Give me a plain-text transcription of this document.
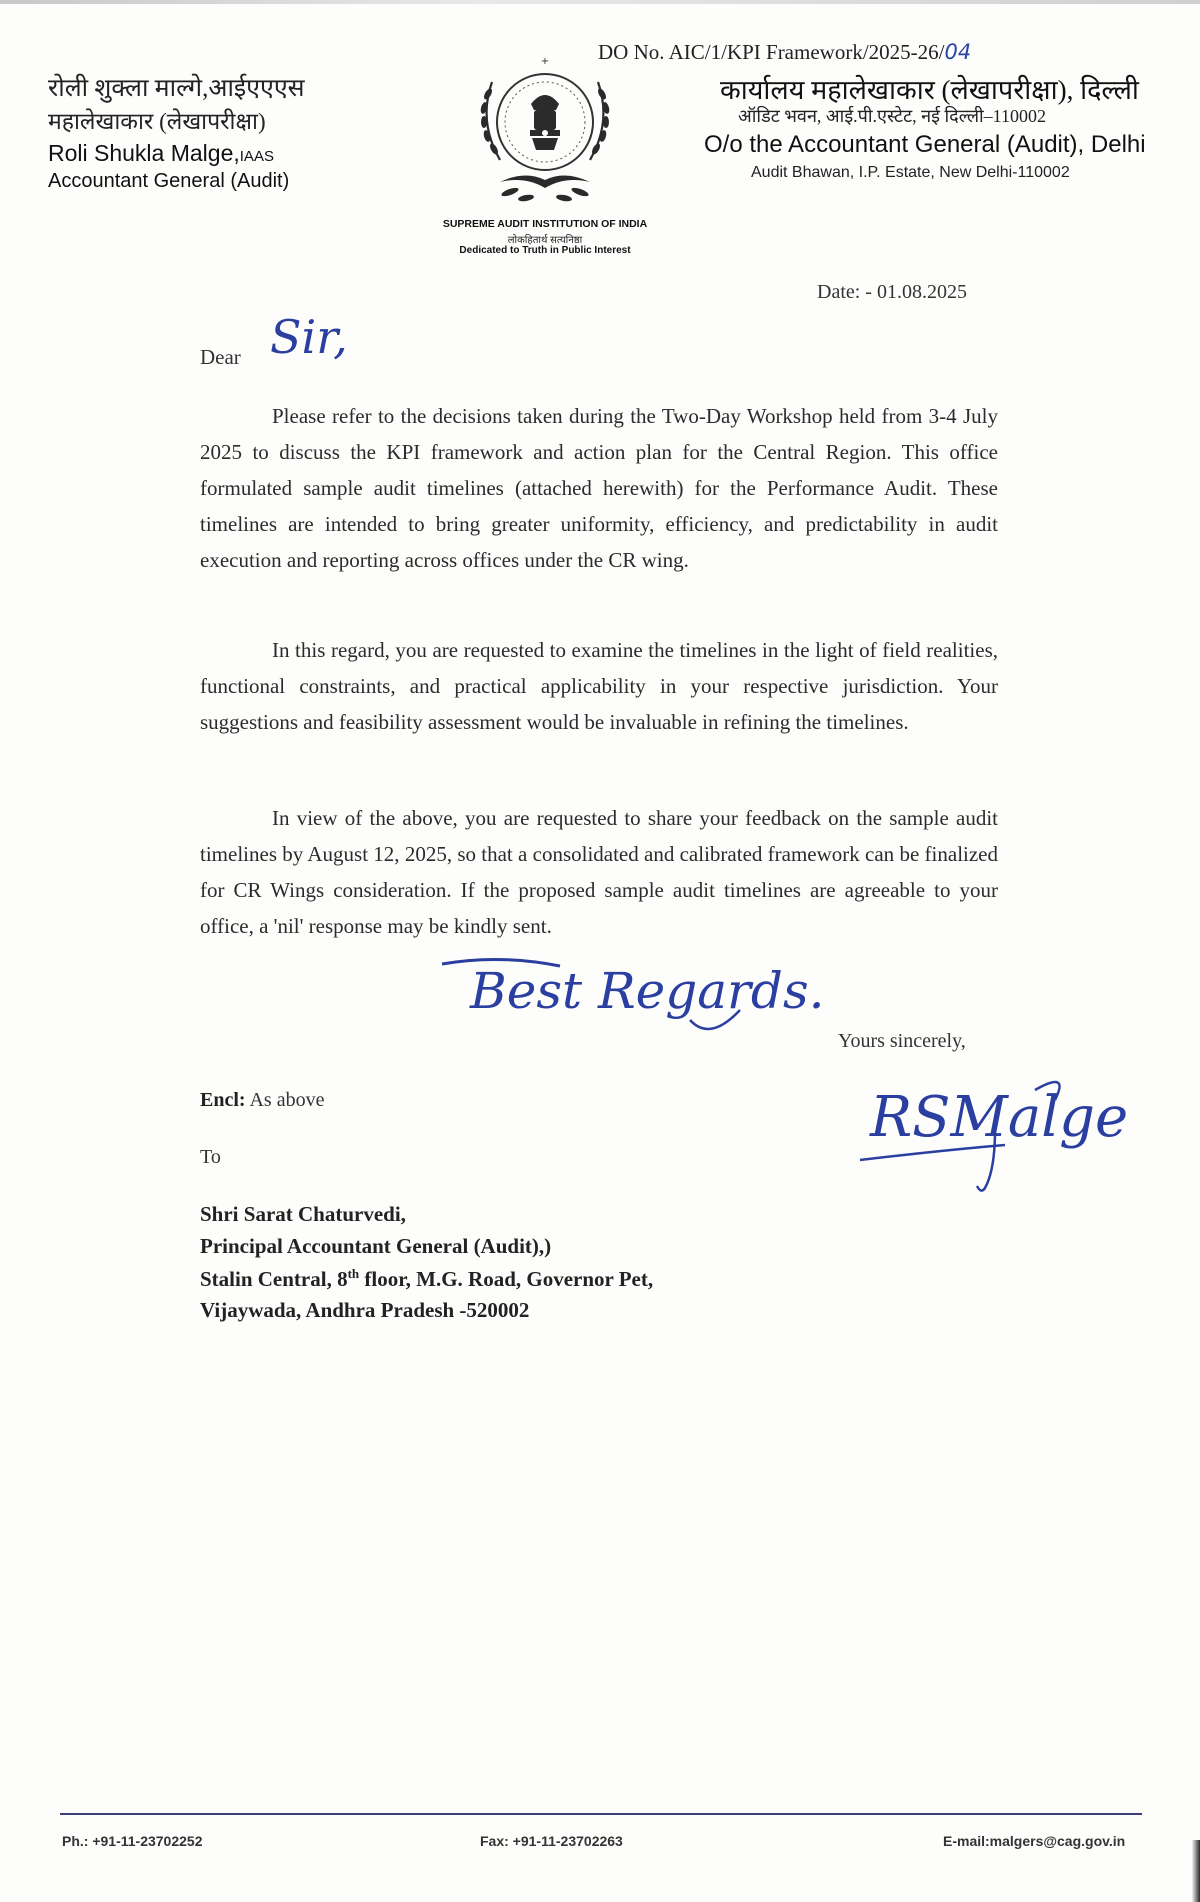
रोली शुक्ला माल्गे,आईएएएस
महालेखाकार (लेखापरीक्षा)
Roli Shukla Malge,IAAS
Accountant General (Audit)
+
SUPREME AUDIT INSTITUTION OF INDIA
लोकहितार्थ सत्यनिष्ठा
Dedicated to Truth in Public Interest
DO No. AIC/1/KPI Framework/2025-26/04
कार्यालय महालेखाकार (लेखापरीक्षा), दिल्ली
ऑडिट भवन, आई.पी.एस्टेट, नई दिल्ली–110002
O/o the Accountant General (Audit), Delhi
Audit Bhawan, I.P. Estate, New Delhi-110002
Date: - 01.08.2025
Dear Sir,

Please refer to the decisions taken during the Two-Day Workshop held from 3-4 July 2025 to discuss the KPI framework and action plan for the Central Region. This office formulated sample audit timelines (attached herewith) for the Performance Audit. These timelines are intended to bring greater uniformity, efficiency, and predictability in audit execution and reporting across offices under the CR wing.

In this regard, you are requested to examine the timelines in the light of field realities, functional constraints, and practical applicability in your respective jurisdiction. Your suggestions and feasibility assessment would be invaluable in refining the timelines.

In view of the above, you are requested to share your feedback on the sample audit timelines by August 12, 2025, so that a consolidated and calibrated framework can be finalized for CR Wings consideration. If the proposed sample audit timelines are agreeable to your office, a 'nil' response may be kindly sent.

Best Regards.
Yours sincerely,
RSMalge
Encl: As above
To
Shri Sarat Chaturvedi,
Principal Accountant General (Audit),)
Stalin Central, 8th floor, M.G. Road, Governor Pet,
Vijaywada, Andhra Pradesh -520002
Ph.: +91-11-23702252	Fax: +91-11-23702263	E-mail:malgers@cag.gov.in
